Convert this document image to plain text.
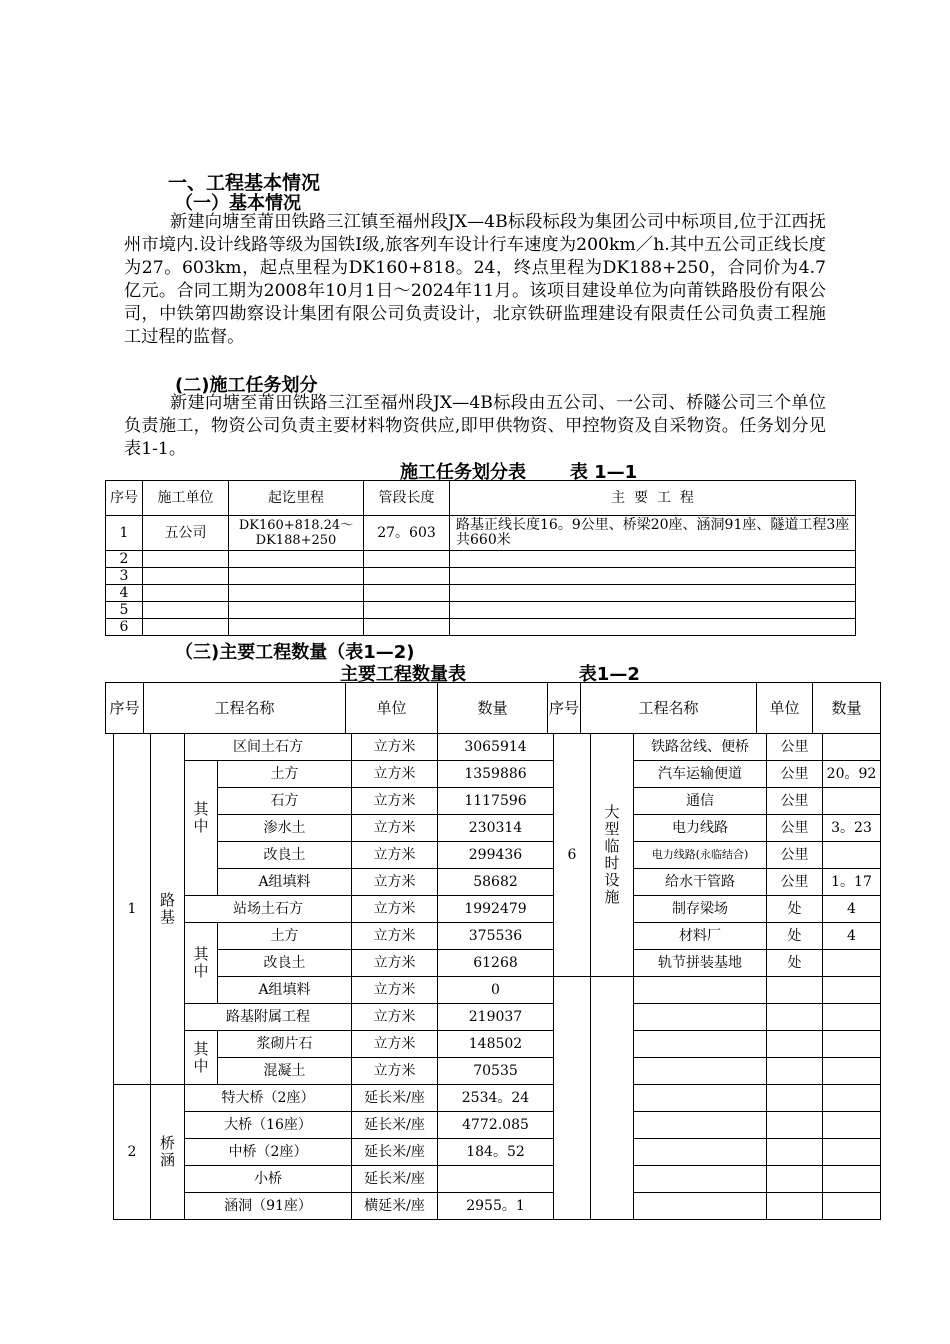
一、工程基本情况
（一）基本情况
新建向塘至莆田铁路三江镇至福州段JX—4B标段标段为集团公司中标项目,位于江西抚州市境内.设计线路等级为国铁Ⅰ级,旅客列车设计行车速度为200km／h.其中五公司正线长度为27。603km，起点里程为DK160+818。24，终点里程为DK188+250，合同价为4.7亿元。合同工期为2008年10月1日～2024年11月。该项目建设单位为向莆铁路股份有限公司，中铁第四勘察设计集团有限公司负责设计，北京铁研监理建设有限责任公司负责工程施工过程的监督。
(二)施工任务划分
新建向塘至莆田铁路三江至福州段JX—4B标段由五公司、一公司、桥隧公司三个单位负责施工，物资公司负责主要材料物资供应,即甲供物资、甲控物资及自采物资。任务划分见表1-1。
施工任务划分表       表 1—1
序号	施工单位	起讫里程	管段长度	主  要  工  程
1	五公司	DK160+818.24～DK188+250	27。603	路基正线长度16。9公里、桥梁20座、涵洞91座、隧道工程3座共660米
2				
3				
4				
5				
6				
（三)主要工程数量（表1—2)
主要工程数量表                  表1—2
序号	工程名称	单位	数量	序号	工程名称	单位	数量
1	路基	区间土石方		立方米	3065914	6	大型临时设施	铁路岔线、便桥	公里	
		其中	土方	立方米	1359886			汽车运输便道	公里	20。92
			石方	立方米	1117596			通信	公里	
			渗水土	立方米	230314			电力线路	公里	3。23
			改良土	立方米	299436			电力线路(永临结合)	公里	
			A组填料	立方米	58682			给水干管路	公里	1。17
		站场土石方		立方米	1992479			制存梁场	处	4
		其中	土方	立方米	375536			材料厂	处	4
			改良土	立方米	61268			轨节拼装基地	处	
			A组填料	立方米	0					
		路基附属工程		立方米	219037					
		其中	浆砌片石	立方米	148502					
			混凝土	立方米	70535					
2	桥涵	特大桥（2座）		延长米/座	2534。24					
		大桥（16座）		延长米/座	4772.085					
		中桥（2座）		延长米/座	184。52					
		小桥		延长米/座						
		涵洞（91座）		横延米/座	2955。1					
